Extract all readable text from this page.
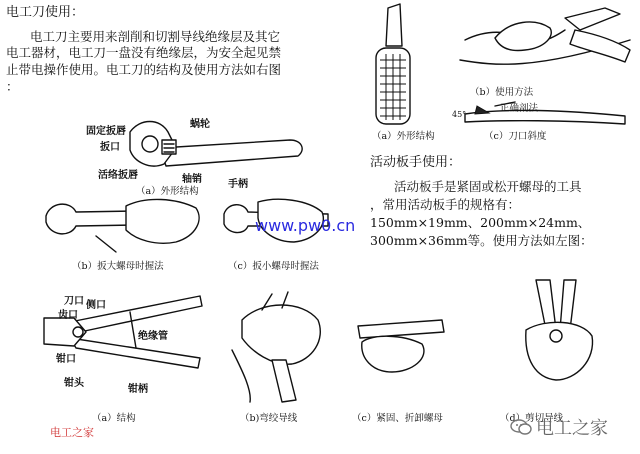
电工刀使用：
电工刀主要用来剖削和切割导线绝缘层及其它
电工器材，电工刀一盘没有绝缘层，为安全起见禁
止带电操作使用。电工刀的结构及使用方法如右图
：
（a）外形结构
（b）使用方法
正确剖法
45°
（c）刀口斜度
固定扳唇
蜗轮
扳口
活络扳唇	轴销	手柄
（a）外形结构
活动板手使用：
活动板手是紧固或松开螺母的工具
，常用活动板手的规格有：
150mm×19mm、200mm×24mm、
300mm×36mm等。使用方法如左图：
（b）扳大螺母时握法	（c）扳小螺母时握法
www.pw0.cn
刀口 侧口
齿口
绝缘管
钳口
钳头
钳柄
（a）结构	（b)弯绞导线	（c）紧固、折卸螺母	（d）剪切导线
电工之家	电工之家
